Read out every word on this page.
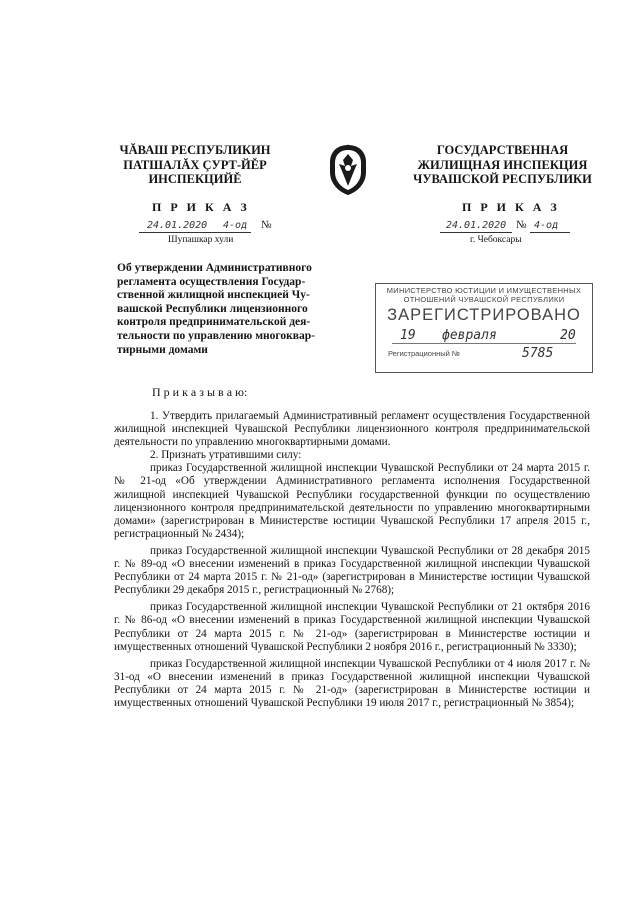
ЧĂВАШ РЕСПУБЛИКИН
ПАТШАЛĂХ ÇУРТ-ЙĚР
ИНСПЕКЦИЙĚ
П Р И К А З
24.01.2020 4-од №
Шупашкар хули
ГОСУДАРСТВЕННАЯ
ЖИЛИЩНАЯ ИНСПЕКЦИЯ
ЧУВАШСКОЙ РЕСПУБЛИКИ
П Р И К А З
24.01.2020 № 4-од
г. Чебоксары
Об утверждении Административного
регламента осуществления Государ-
ственной жилищной инспекцией Чу-
вашской Республики лицензионного
контроля предпринимательской дея-
тельности по управлению многоквар-
тирными домами
МИНИСТЕРСТВО ЮСТИЦИИ И ИМУЩЕСТВЕННЫХ
ОТНОШЕНИЙ ЧУВАШСКОЙ РЕСПУБЛИКИ
ЗАРЕГИСТРИРОВАНО
19 февраля	20
Регистрационный №	5785
П р и к а з ы в а ю:

1. Утвердить прилагаемый Административный регламент осуществления Государственной жилищной инспекцией Чувашской Республики лицензионного контроля предпринимательской деятельности по управлению многоквартирными домами.

2. Признать утратившими силу:

приказ Государственной жилищной инспекции Чувашской Республики от 24 марта 2015 г. № 21-од «Об утверждении Административного регламента исполнения Государственной жилищной инспекцией Чувашской Республики государственной функции по осуществлению лицензионного контроля предпринимательской деятельности по управлению многоквартирными домами» (зарегистрирован в Министерстве юстиции Чувашской Республики 17 апреля 2015 г., регистрационный № 2434);

приказ Государственной жилищной инспекции Чувашской Республики от 28 декабря 2015 г. № 89-од «О внесении изменений в приказ Государственной жилищной инспекции Чувашской Республики от 24 марта 2015 г. № 21-од» (зарегистрирован в Министерстве юстиции Чувашской Республики 29 декабря 2015 г., регистрационный № 2768);

приказ Государственной жилищной инспекции Чувашской Республики от 21 октября 2016 г. № 86-од «О внесении изменений в приказ Государственной жилищной инспекции Чувашской Республики от 24 марта 2015 г. № 21-од» (зарегистрирован в Министерстве юстиции и имущественных отношений Чувашской Республики 2 ноября 2016 г., регистрационный № 3330);

приказ Государственной жилищной инспекции Чувашской Республики от 4 июля 2017 г. № 31-од «О внесении изменений в приказ Государственной жилищной инспекции Чувашской Республики от 24 марта 2015 г. № 21-од» (зарегистрирован в Министерстве юстиции и имущественных отношений Чувашской Республики 19 июля 2017 г., регистрационный № 3854);
